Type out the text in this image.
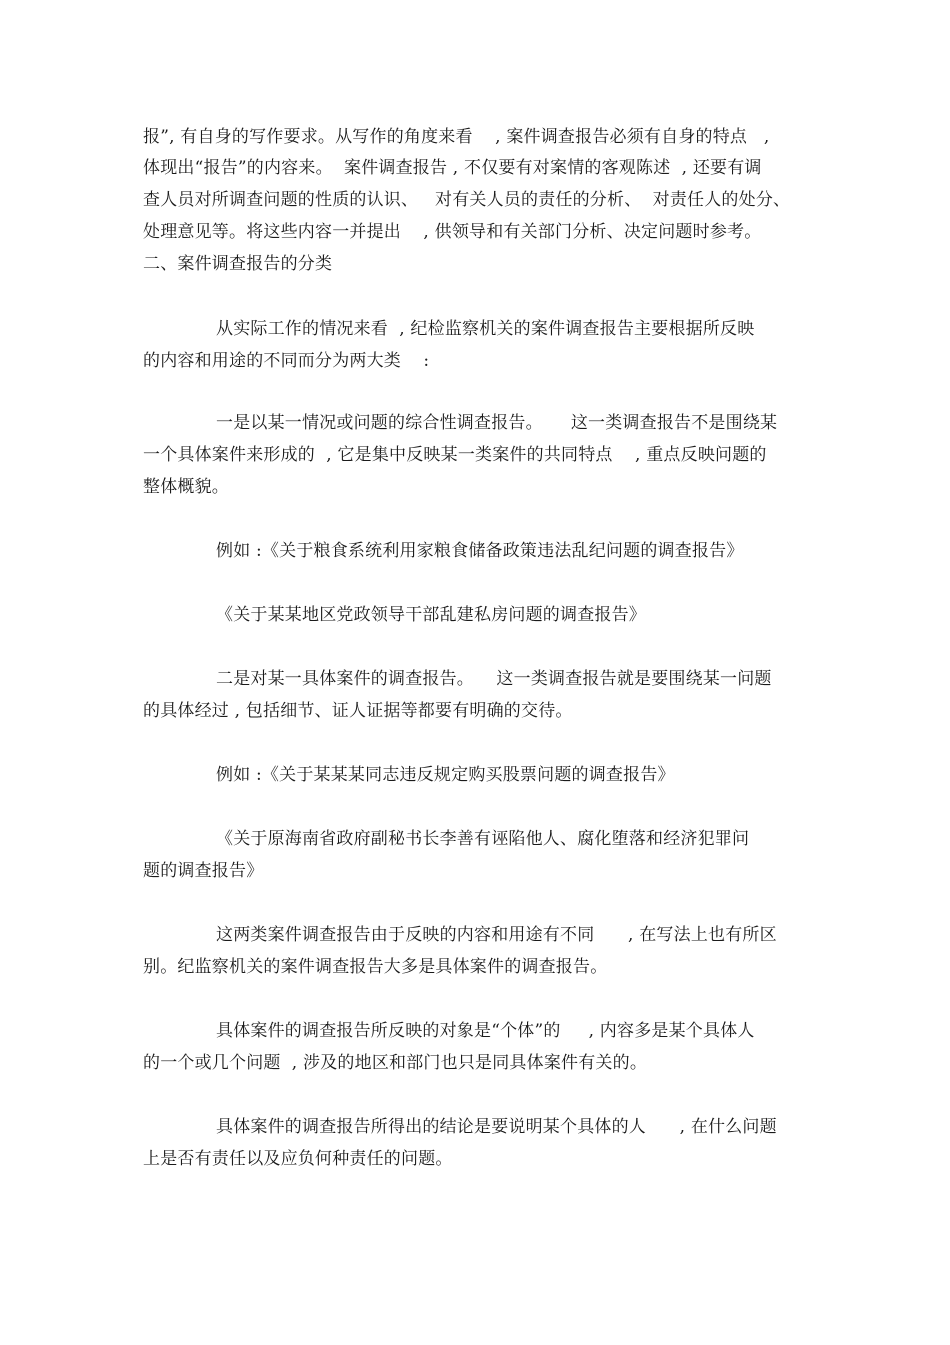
报”, 有自身的写作要求。从写作的角度来看    , 案件调查报告必须有自身的特点   ,
体现出“报告”的内容来。  案件调查报告 , 不仅要有对案情的客观陈述  , 还要有调
查人员对所调查问题的性质的认识、   对有关人员的责任的分析、  对责任人的处分、
处理意见等。将这些内容一并提出    , 供领导和有关部门分析、决定问题时参考。
二、案件调查报告的分类
从实际工作的情况来看  , 纪检监察机关的案件调查报告主要根据所反映
的内容和用途的不同而分为两大类    :
一是以某一情况或问题的综合性调查报告。     这一类调查报告不是围绕某
一个具体案件来形成的  , 它是集中反映某一类案件的共同特点    , 重点反映问题的
整体概貌。
例如 :《关于粮食系统利用家粮食储备政策违法乱纪问题的调查报告》
《关于某某地区党政领导干部乱建私房问题的调查报告》
二是对某一具体案件的调查报告。    这一类调查报告就是要围绕某一问题
的具体经过 , 包括细节、证人证据等都要有明确的交待。
例如 :《关于某某某同志违反规定购买股票问题的调查报告》
《关于原海南省政府副秘书长李善有诬陷他人、腐化堕落和经济犯罪问
题的调查报告》
这两类案件调查报告由于反映的内容和用途有不同      , 在写法上也有所区
别。纪监察机关的案件调查报告大多是具体案件的调查报告。
具体案件的调查报告所反映的对象是“个体”的     , 内容多是某个具体人
的一个或几个问题  , 涉及的地区和部门也只是同具体案件有关的。
具体案件的调查报告所得出的结论是要说明某个具体的人      , 在什么问题
上是否有责任以及应负何种责任的问题。
